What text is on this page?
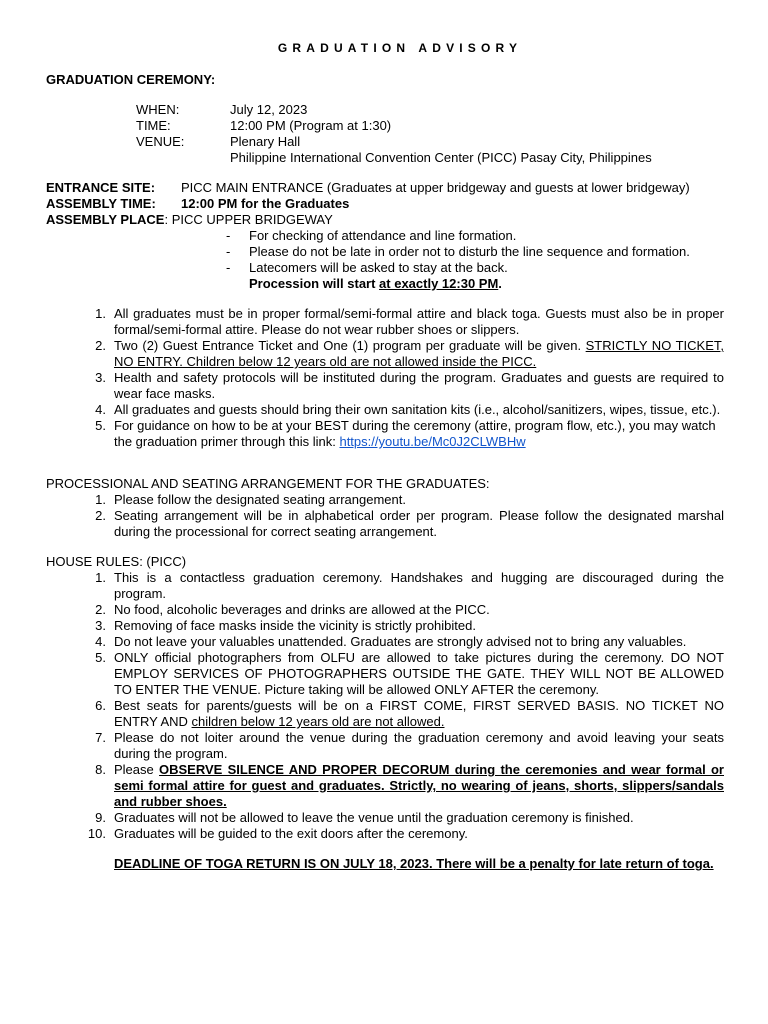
GRADUATION ADVISORY
GRADUATION CEREMONY:
WHEN:	July 12, 2023
TIME:	12:00 PM (Program at 1:30)
VENUE:	Plenary Hall
Philippine International Convention Center (PICC) Pasay City, Philippines
ENTRANCE SITE:	PICC MAIN ENTRANCE (Graduates at upper bridgeway and guests at lower bridgeway)
ASSEMBLY TIME:	12:00 PM for the Graduates
ASSEMBLY PLACE : PICC UPPER BRIDGEWAY
-	For checking of attendance and line formation.
-	Please do not be late in order not to disturb the line sequence and formation.
-	Latecomers will be asked to stay at the back.
Procession will start at exactly 12:30 PM.
1. All graduates must be in proper formal/semi-formal attire and black toga. Guests must also be in proper formal/semi-formal attire. Please do not wear rubber shoes or slippers.
2. Two (2) Guest Entrance Ticket and One (1) program per graduate will be given. STRICTLY NO TICKET, NO ENTRY. Children below 12 years old are not allowed inside the PICC.
3. Health and safety protocols will be instituted during the program. Graduates and guests are required to wear face masks.
4. All graduates and guests should bring their own sanitation kits (i.e., alcohol/sanitizers, wipes, tissue, etc.).
5. For guidance on how to be at your BEST during the ceremony (attire, program flow, etc.), you may watch the graduation primer through this link: https://youtu.be/Mc0J2CLWBHw
PROCESSIONAL AND SEATING ARRANGEMENT FOR THE GRADUATES:
1. Please follow the designated seating arrangement.
2. Seating arrangement will be in alphabetical order per program. Please follow the designated marshal during the processional for correct seating arrangement.
HOUSE RULES: (PICC)
1. This is a contactless graduation ceremony. Handshakes and hugging are discouraged during the program.
2. No food, alcoholic beverages and drinks are allowed at the PICC.
3. Removing of face masks inside the vicinity is strictly prohibited.
4. Do not leave your valuables unattended. Graduates are strongly advised not to bring any valuables.
5. ONLY official photographers from OLFU are allowed to take pictures during the ceremony. DO NOT EMPLOY SERVICES OF PHOTOGRAPHERS OUTSIDE THE GATE. THEY WILL NOT BE ALLOWED TO ENTER THE VENUE. Picture taking will be allowed ONLY AFTER the ceremony.
6. Best seats for parents/guests will be on a FIRST COME, FIRST SERVED BASIS. NO TICKET NO ENTRY AND children below 12 years old are not allowed.
7. Please do not loiter around the venue during the graduation ceremony and avoid leaving your seats during the program.
8. Please OBSERVE SILENCE AND PROPER DECORUM during the ceremonies and wear formal or semi formal attire for guest and graduates. Strictly, no wearing of jeans, shorts, slippers/sandals and rubber shoes.
9. Graduates will not be allowed to leave the venue until the graduation ceremony is finished.
10. Graduates will be guided to the exit doors after the ceremony.
DEADLINE OF TOGA RETURN IS ON JULY 18, 2023. There will be a penalty for late return of toga.
